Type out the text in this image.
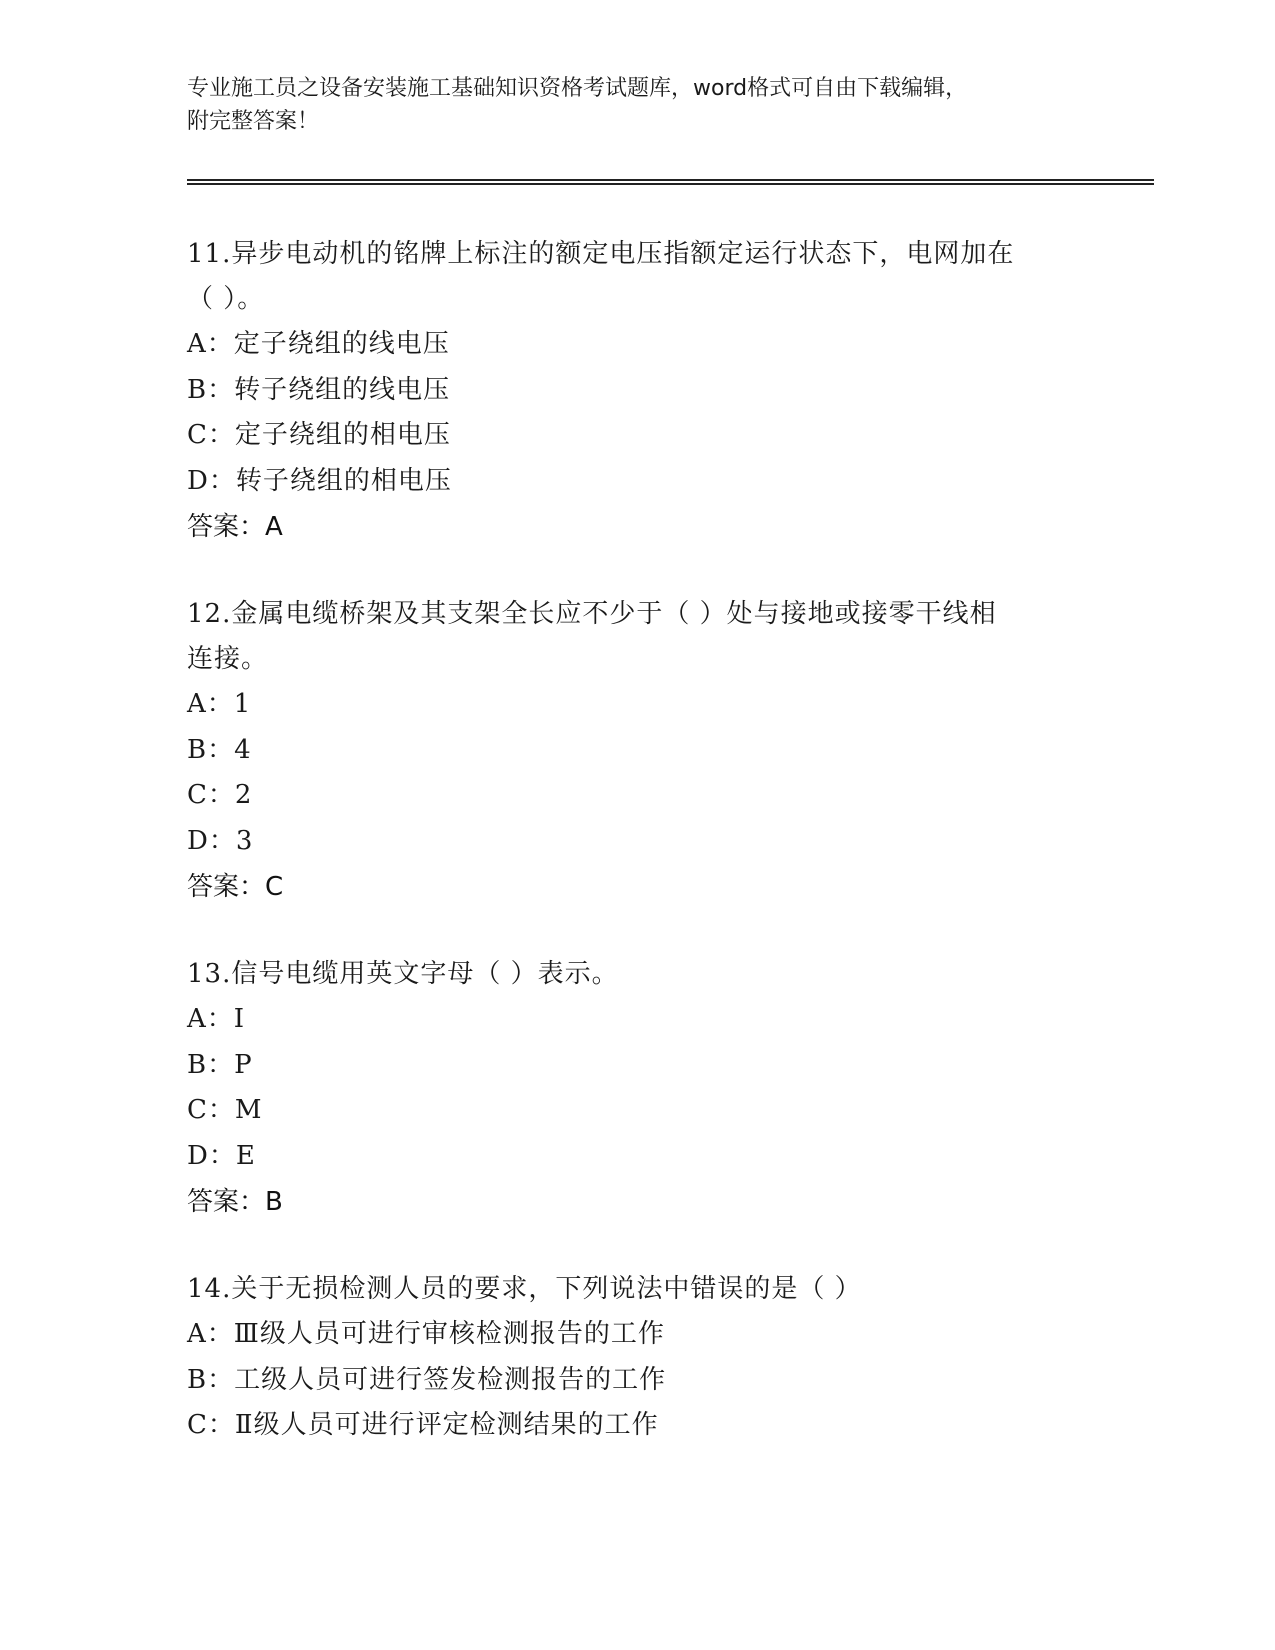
专业施工员之设备安装施工基础知识资格考试题库，word格式可自由下载编辑，
附完整答案！
11.异步电动机的铭牌上标注的额定电压指额定运行状态下，电网加在
（ ）。
A：定子绕组的线电压
B：转子绕组的线电压
C：定子绕组的相电压
D：转子绕组的相电压
答案：A
12.金属电缆桥架及其支架全长应不少于（ ）处与接地或接零干线相
连接。
A：1
B：4
C：2
D：3
答案：C
13.信号电缆用英文字母（ ）表示。
A：I
B：P
C：M
D：E
答案：B
14.关于无损检测人员的要求，下列说法中错误的是（ ）
A：Ⅲ级人员可进行审核检测报告的工作
B：工级人员可进行签发检测报告的工作
C：Ⅱ级人员可进行评定检测结果的工作
